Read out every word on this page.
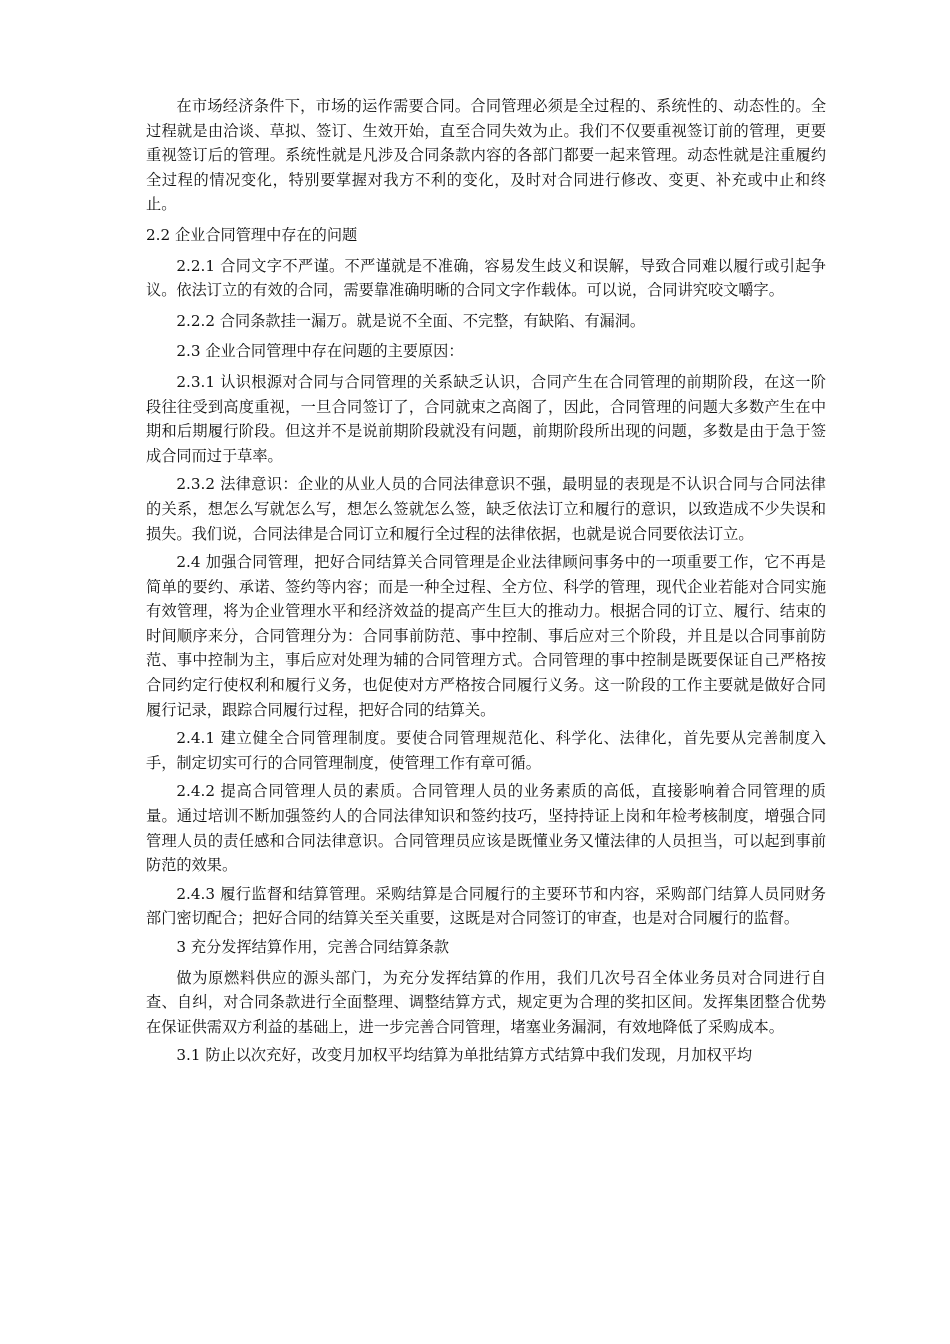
在市场经济条件下，市场的运作需要合同。合同管理必须是全过程的、系统性的、动态性的。全过程就是由洽谈、草拟、签订、生效开始，直至合同失效为止。我们不仅要重视签订前的管理，更要重视签订后的管理。系统性就是凡涉及合同条款内容的各部门都要一起来管理。动态性就是注重履约全过程的情况变化，特别要掌握对我方不利的变化，及时对合同进行修改、变更、补充或中止和终止。

2.2 企业合同管理中存在的问题

2.2.1 合同文字不严谨。不严谨就是不准确，容易发生歧义和误解，导致合同难以履行或引起争议。依法订立的有效的合同，需要靠准确明晰的合同文字作载体。可以说，合同讲究咬文嚼字。

2.2.2 合同条款挂一漏万。就是说不全面、不完整，有缺陷、有漏洞。

2.3 企业合同管理中存在问题的主要原因：

2.3.1 认识根源对合同与合同管理的关系缺乏认识，合同产生在合同管理的前期阶段，在这一阶段往往受到高度重视，一旦合同签订了，合同就束之高阁了，因此，合同管理的问题大多数产生在中期和后期履行阶段。但这并不是说前期阶段就没有问题，前期阶段所出现的问题，多数是由于急于签成合同而过于草率。

2.3.2 法律意识：企业的从业人员的合同法律意识不强，最明显的表现是不认识合同与合同法律的关系，想怎么写就怎么写，想怎么签就怎么签，缺乏依法订立和履行的意识，以致造成不少失误和损失。我们说，合同法律是合同订立和履行全过程的法律依据，也就是说合同要依法订立。

2.4 加强合同管理，把好合同结算关合同管理是企业法律顾问事务中的一项重要工作，它不再是简单的要约、承诺、签约等内容；而是一种全过程、全方位、科学的管理，现代企业若能对合同实施有效管理，将为企业管理水平和经济效益的提高产生巨大的推动力。根据合同的订立、履行、结束的时间顺序来分，合同管理分为：合同事前防范、事中控制、事后应对三个阶段，并且是以合同事前防范、事中控制为主，事后应对处理为辅的合同管理方式。合同管理的事中控制是既要保证自己严格按合同约定行使权利和履行义务，也促使对方严格按合同履行义务。这一阶段的工作主要就是做好合同履行记录，跟踪合同履行过程，把好合同的结算关。

2.4.1 建立健全合同管理制度。要使合同管理规范化、科学化、法律化，首先要从完善制度入手，制定切实可行的合同管理制度，使管理工作有章可循。

2.4.2 提高合同管理人员的素质。合同管理人员的业务素质的高低，直接影响着合同管理的质量。通过培训不断加强签约人的合同法律知识和签约技巧，坚持持证上岗和年检考核制度，增强合同管理人员的责任感和合同法律意识。合同管理员应该是既懂业务又懂法律的人员担当，可以起到事前防范的效果。

2.4.3 履行监督和结算管理。采购结算是合同履行的主要环节和内容，采购部门结算人员同财务部门密切配合；把好合同的结算关至关重要，这既是对合同签订的审查，也是对合同履行的监督。

3 充分发挥结算作用，完善合同结算条款

做为原燃料供应的源头部门，为充分发挥结算的作用，我们几次号召全体业务员对合同进行自查、自纠，对合同条款进行全面整理、调整结算方式，规定更为合理的奖扣区间。发挥集团整合优势在保证供需双方利益的基础上，进一步完善合同管理，堵塞业务漏洞，有效地降低了采购成本。

3.1 防止以次充好，改变月加权平均结算为单批结算方式结算中我们发现，月加权平均
